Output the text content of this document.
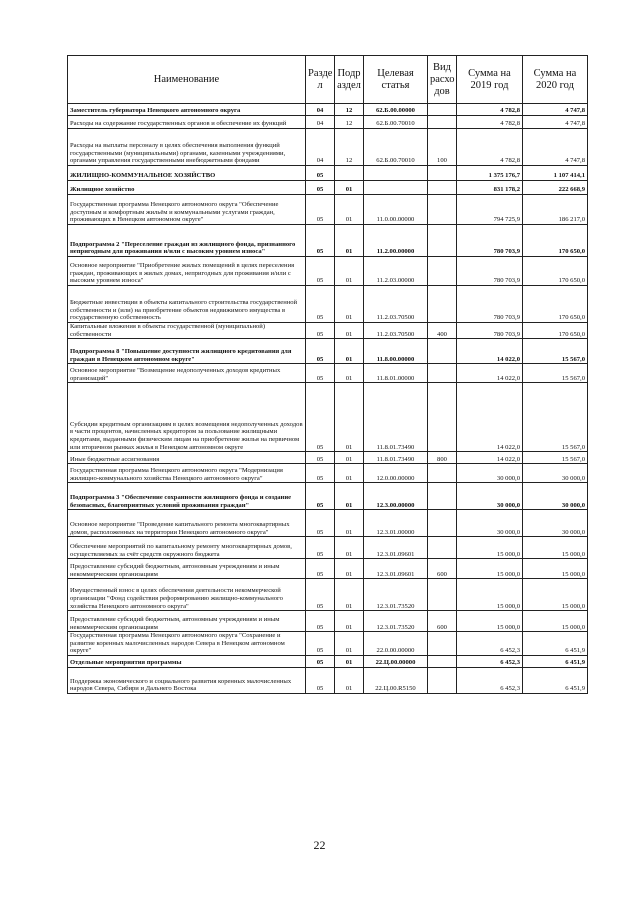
Наименование	Разде л	Подр аздел	Целевая статья	Вид расхо дов	Сумма на 2019 год	Сумма на 2020 год
Заместитель губернатора Ненецкого автономного округа	04	12	62.Б.00.00000		4 782,8	4 747,8
Расходы на содержание государственных органов и обеспечение их функций	04	12	62.Б.00.70010		4 782,8	4 747,8
Расходы на выплаты персоналу в целях обеспечения выполнения функций государственными (муниципальными) органами, казенными учреждениями, органами управления государственными внебюджетными фондами	04	12	62.Б.00.70010	100	4 782,8	4 747,8
ЖИЛИЩНО-КОММУНАЛЬНОЕ ХОЗЯЙСТВО	05				1 375 176,7	1 107 414,1
Жилищное хозяйство	05	01			831 178,2	222 668,9
Государственная программа Ненецкого автономного округа "Обеспечение доступным и комфортным жильём и коммунальными услугами граждан, проживающих в Ненецком автономном округе"	05	01	11.0.00.00000		794 725,9	186 217,0
Подпрограмма 2 "Переселение граждан из жилищного фонда, признанного непригодным для проживания и/или с высоким уровнем износа"	05	01	11.2.00.00000		780 703,9	170 650,0
Основное мероприятие "Приобретение жилых помещений в целях переселения граждан, проживающих в жилых домах, непригодных для проживания и/или с высоким уровнем износа"	05	01	11.2.03.00000		780 703,9	170 650,0
Бюджетные инвестиции в объекты капитального строительства государственной собственности и (или) на приобретение объектов недвижимого имущества в государственную собственность	05	01	11.2.03.70500		780 703,9	170 650,0
Капитальные вложения в объекты государственной (муниципальной) собственности	05	01	11.2.03.70500	400	780 703,9	170 650,0
Подпрограмма 8 "Повышение доступности жилищного кредитования для граждан в Ненецком автономном округе"	05	01	11.8.00.00000		14 022,0	15 567,0
Основное мероприятие "Возмещение недополученных доходов кредитных организаций"	05	01	11.8.01.00000		14 022,0	15 567,0
Субсидии кредитным организациям в целях возмещения недополученных доходов в части процентов, начисленных кредитором за пользование жилищными кредитами, выданными физическим лицам на приобретение жилья на первичном или вторичном рынках жилья в Ненецком автономном округе	05	01	11.8.01.73490		14 022,0	15 567,0
Иные бюджетные ассигнования	05	01	11.8.01.73490	800	14 022,0	15 567,0
Государственная программа Ненецкого автономного округа "Модернизация жилищно-коммунального хозяйства Ненецкого автономного округа"	05	01	12.0.00.00000		30 000,0	30 000,0
Подпрограмма 3 "Обеспечение сохранности жилищного фонда и создание безопасных, благоприятных условий проживания граждан"	05	01	12.3.00.00000		30 000,0	30 000,0
Основное мероприятие "Проведение капитального ремонта многоквартирных домов, расположенных на территории Ненецкого автономного округа"	05	01	12.3.01.00000		30 000,0	30 000,0
Обеспечение мероприятий по капитальному ремонту многоквартирных домов, осуществляемых за счёт средств окружного бюджета	05	01	12.3.01.09601		15 000,0	15 000,0
Предоставление субсидий бюджетным, автономным учреждениям и иным некоммерческим организациям	05	01	12.3.01.09601	600	15 000,0	15 000,0
Имущественный взнос в целях обеспечения деятельности некоммерческой организации "Фонд содействия реформированию жилищно-коммунального хозяйства Ненецкого автономного округа"	05	01	12.3.01.73520		15 000,0	15 000,0
Предоставление субсидий бюджетным, автономным учреждениям и иным некоммерческим организациям	05	01	12.3.01.73520	600	15 000,0	15 000,0
Государственная программа Ненецкого автономного округа "Сохранение и развитие коренных малочисленных народов Севера в Ненецком автономном округе"	05	01	22.0.00.00000		6 452,3	6 451,9
Отдельные мероприятия программы	05	01	22.Ц.00.00000		6 452,3	6 451,9
Поддержка экономического и социального развития коренных малочисленных народов Севера, Сибири и Дальнего Востока	05	01	22.Ц.00.R5150		6 452,3	6 451,9
22
